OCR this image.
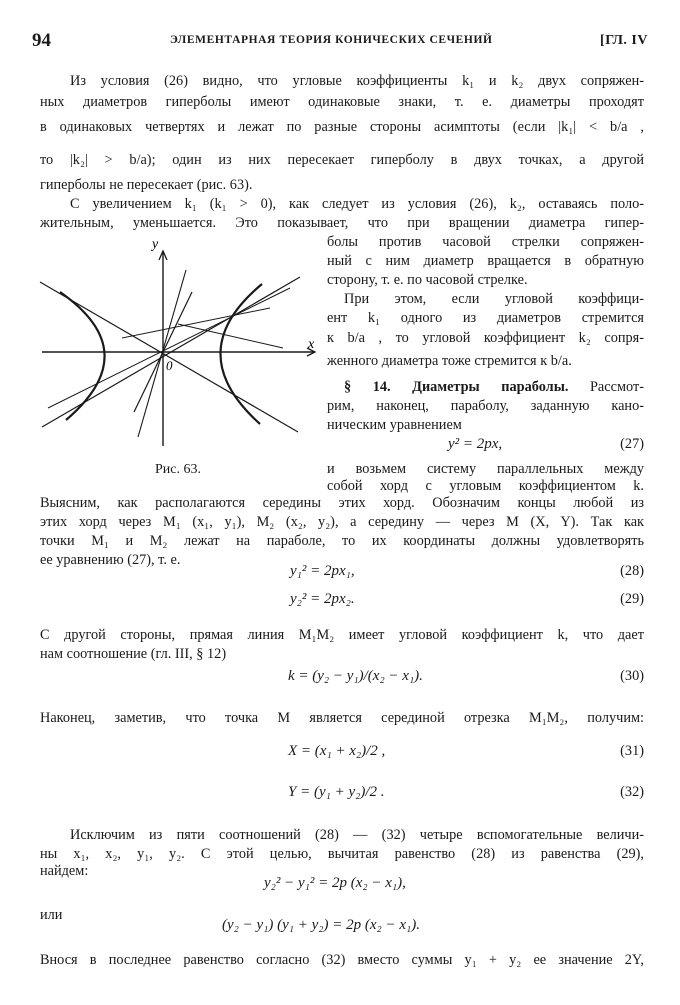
94	ЭЛЕМЕНТАРНАЯ ТЕОРИЯ КОНИЧЕСКИХ СЕЧЕНИЙ	[ГЛ. IV
Из условия (26) видно, что угловые коэффициенты k₁ и k₂ двух сопряжен-
ных диаметров гиперболы имеют одинаковые знаки, т. е. диаметры проходят
в одинаковых четвертях и лежат по разные стороны асимптоты (если |k₁| < b/a ,
то |k₂| > b/a); один из них пересекает гиперболу в двух точках, а другой
гиперболы не пересекает (рис. 63).
С увеличением k₁ (k₁ > 0), как следует из условия (26), k₂, оставаясь поло-
жительным, уменьшается. Это показывает, что при вращении диаметра гипер-
болы против часовой стрелки сопряжен-
ный с ним диаметр вращается в обратную
сторону, т. е. по часовой стрелке.
При этом, если угловой коэффици-
ент k₁ одного из диаметров стремится
к b/a , то угловой коэффициент k₂ сопря-
женного диаметра тоже стремится к b/a.
x
y
0
Рис. 63.
§ 14. Диаметры параболы. Рассмот-
рим, наконец, параболу, заданную кано-
ническим уравнением
y² = 2px,	(27)
и возьмем систему параллельных между
собой хорд с угловым коэффициентом k.
Выясним, как располагаются середины этих хорд. Обозначим концы любой из
этих хорд через M₁ (x₁, y₁), M₂ (x₂, y₂), а середину — через M (X, Y). Так как
точки M₁ и M₂ лежат на параболе, то их координаты должны удовлетворять
ее уравнению (27), т. е.
y₁² = 2px₁,	(28)
y₂² = 2px₂.	(29)
С другой стороны, прямая линия M₁M₂ имеет угловой коэффициент k, что дает
нам соотношение (гл. III, § 12)
k = (y₂ − y₁)/(x₂ − x₁).	(30)
Наконец, заметив, что точка M является серединой отрезка M₁M₂, получим:
X = (x₁ + x₂)/2 ,	(31)
Y = (y₁ + y₂)/2 .	(32)
Исключим из пяти соотношений (28) — (32) четыре вспомогательные величи-
ны x₁, x₂, y₁, y₂. С этой целью, вычитая равенство (28) из равенства (29),
найдем:
y₂² − y₁² = 2p (x₂ − x₁),
или
(y₂ − y₁) (y₁ + y₂) = 2p (x₂ − x₁).
Внося в последнее равенство согласно (32) вместо суммы y₁ + y₂ ее значение 2Y,
